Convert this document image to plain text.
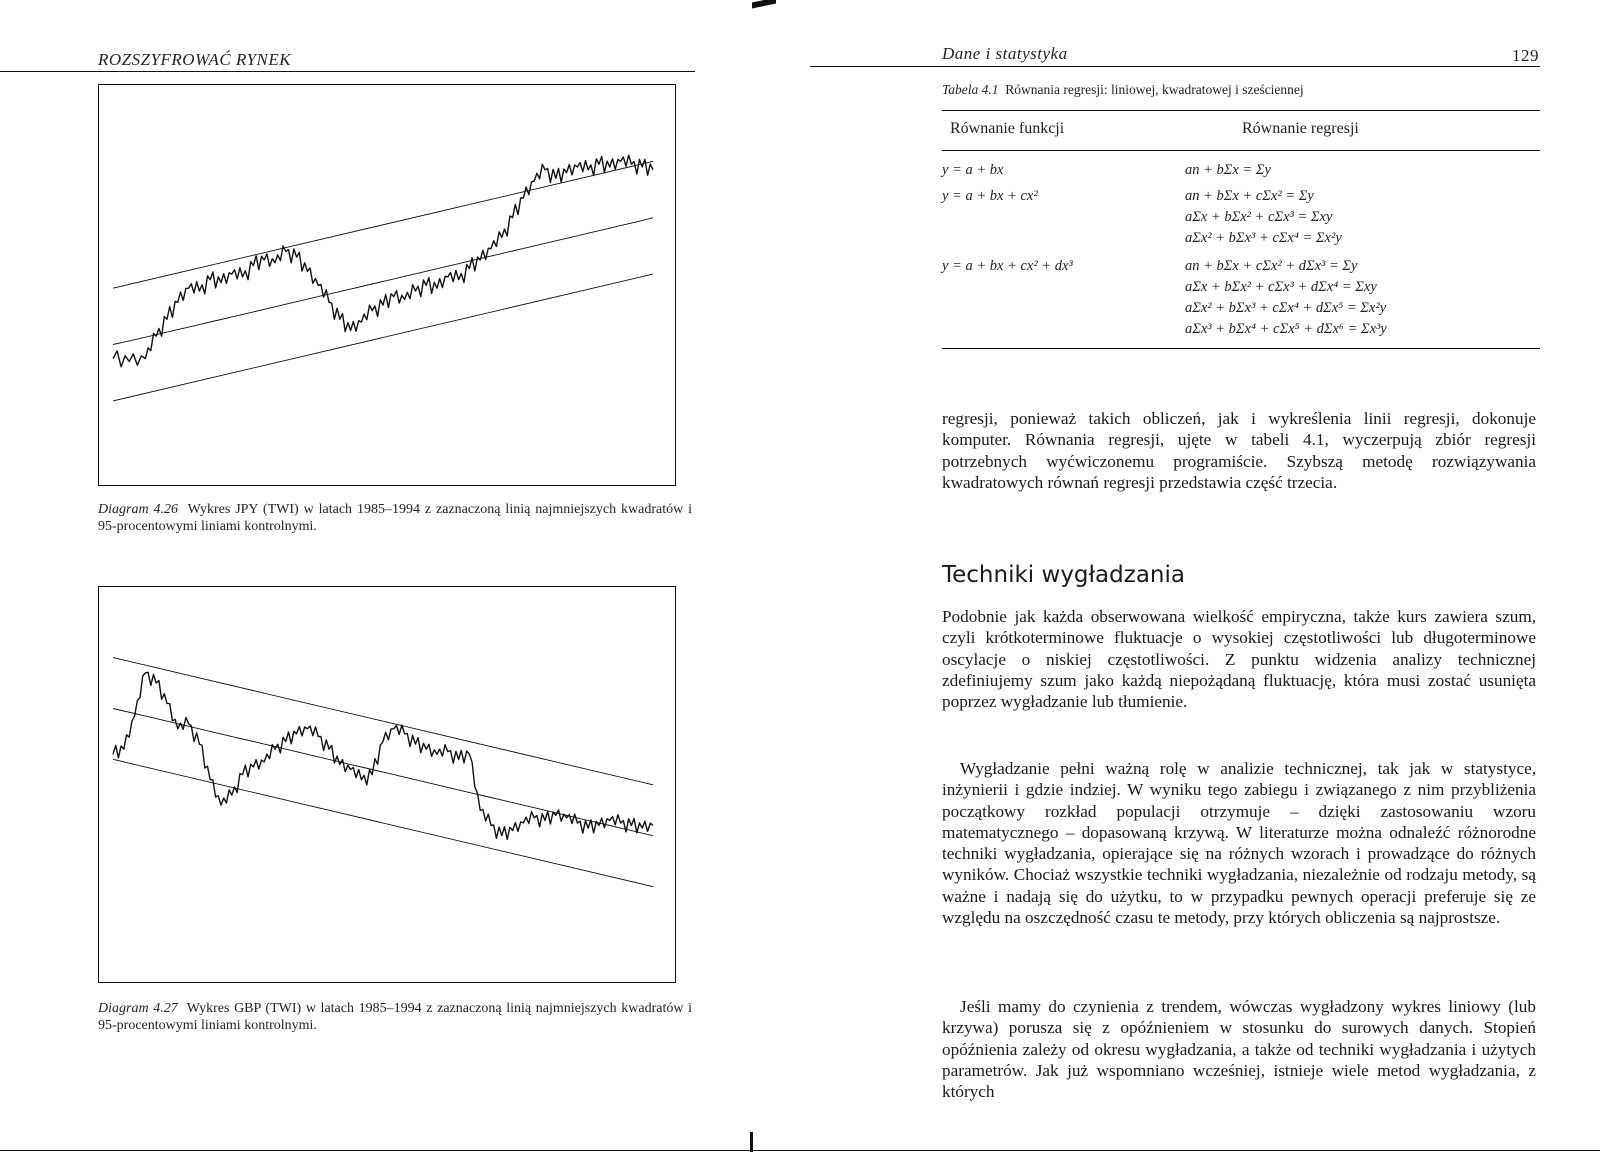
ROZSZYFROWAĆ RYNEK
Diagram 4.26 Wykres JPY (TWI) w latach 1985–1994 z zaznaczoną linią najmniejszych kwadratów i 95-procentowymi liniami kontrolnymi.
Diagram 4.27 Wykres GBP (TWI) w latach 1985–1994 z zaznaczoną linią najmniejszych kwadratów i 95-procentowymi liniami kontrolnymi.
Dane i statystyka	129
Tabela 4.1 Równania regresji: liniowej, kwadratowej i sześciennej
Równanie funkcji	Równanie regresji
y = a + bx	an + bΣx = Σy
y = a + bx + cx²	an + bΣx + cΣx² = Σy
aΣx + bΣx² + cΣx³ = Σxy
aΣx² + bΣx³ + cΣx⁴ = Σx²y
y = a + bx + cx² + dx³	an + bΣx + cΣx² + dΣx³ = Σy
aΣx + bΣx² + cΣx³ + dΣx⁴ = Σxy
aΣx² + bΣx³ + cΣx⁴ + dΣx⁵ = Σx²y
aΣx³ + bΣx⁴ + cΣx⁵ + dΣx⁶ = Σx³y
regresji, ponieważ takich obliczeń, jak i wykreślenia linii regresji, dokonuje komputer. Równania regresji, ujęte w tabeli 4.1, wyczerpują zbiór regresji potrzebnych wyćwiczonemu programiście. Szybszą metodę rozwiązywania kwadratowych równań regresji przedstawia część trzecia.
Techniki wygładzania
Podobnie jak każda obserwowana wielkość empiryczna, także kurs zawiera szum, czyli krótkoterminowe fluktuacje o wysokiej częstotliwości lub długoterminowe oscylacje o niskiej częstotliwości. Z punktu widzenia analizy technicznej zdefiniujemy szum jako każdą niepożądaną fluktuację, która musi zostać usunięta poprzez wygładzanie lub tłumienie.
Wygładzanie pełni ważną rolę w analizie technicznej, tak jak w statystyce, inżynierii i gdzie indziej. W wyniku tego zabiegu i związanego z nim przybliżenia początkowy rozkład populacji otrzymuje – dzięki zastosowaniu wzoru matematycznego – dopasowaną krzywą. W literaturze można odnaleźć różnorodne techniki wygładzania, opierające się na różnych wzorach i prowadzące do różnych wyników. Chociaż wszystkie techniki wygładzania, niezależnie od rodzaju metody, są ważne i nadają się do użytku, to w przypadku pewnych operacji preferuje się ze względu na oszczędność czasu te metody, przy których obliczenia są najprostsze.
Jeśli mamy do czynienia z trendem, wówczas wygładzony wykres liniowy (lub krzywa) porusza się z opóźnieniem w stosunku do surowych danych. Stopień opóźnienia zależy od okresu wygładzania, a także od techniki wygładzania i użytych parametrów. Jak już wspomniano wcześniej, istnieje wiele metod wygładzania, z których
